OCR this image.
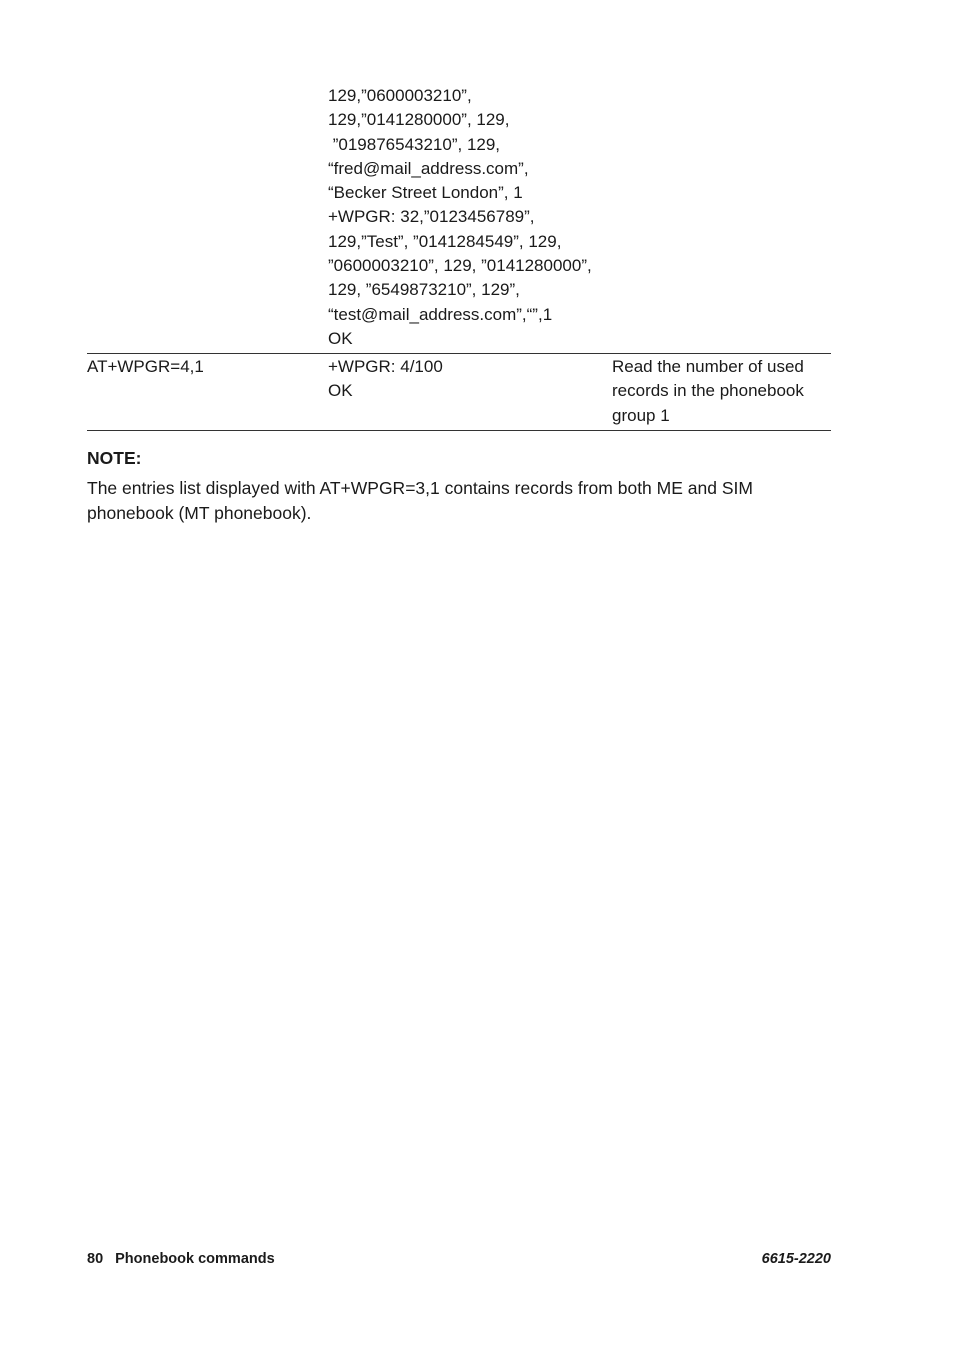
129,”0600003210”,

129,”0141280000”, 129,

”019876543210”, 129,

“fred@mail_address.com”,

“Becker Street London”, 1

+WPGR: 32,”0123456789”,

129,”Test”, ”0141284549”, 129,

”0600003210”, 129, ”0141280000”,

129, ”6549873210”, 129”,

“test@mail_address.com”,“”,1

OK

AT+WPGR=4,1	+WPGR: 4/100

OK

Read the number of used

records in the phonebook

group 1

NOTE:

The entries list displayed with AT+WPGR=3,1 contains records from both ME and SIM phonebook (MT phonebook).

80 Phonebook commands	6615-2220
